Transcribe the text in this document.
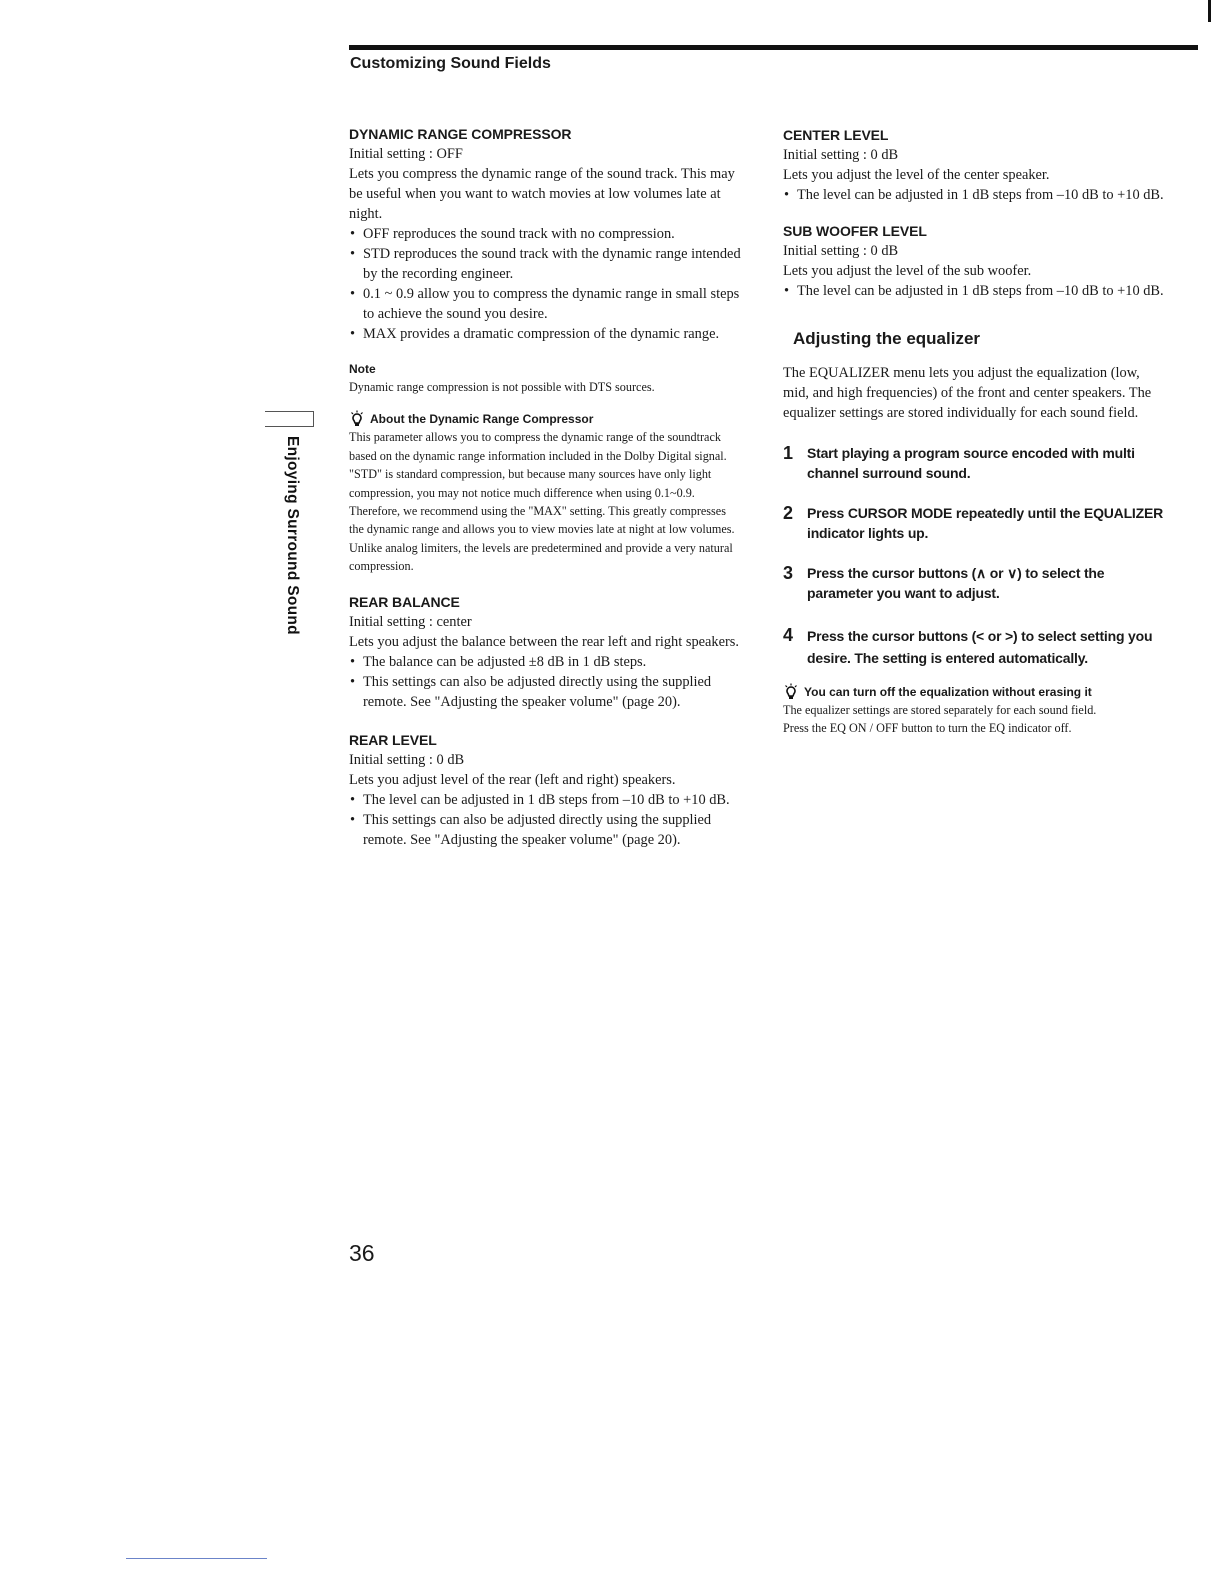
Customizing Sound Fields
Enjoying Surround Sound
DYNAMIC RANGE COMPRESSOR

Initial setting : OFF

Lets you compress the dynamic range of the sound track. This may be useful when you want to watch movies at low volumes late at night.

• OFF reproduces the sound track with no compression.
• STD reproduces the sound track with the dynamic range intended by the recording engineer.
• 0.1 ~ 0.9 allow you to compress the dynamic range in small steps to achieve the sound you desire.
• MAX provides a dramatic compression of the dynamic range.
Note

Dynamic range compression is not possible with DTS sources.

About the Dynamic Range Compressor

This parameter allows you to compress the dynamic range of the soundtrack based on the dynamic range information included in the Dolby Digital signal. "STD" is standard compression, but because many sources have only light compression, you may not notice much difference when using 0.1~0.9.

Therefore, we recommend using the "MAX" setting. This greatly compresses the dynamic range and allows you to view movies late at night at low volumes. Unlike analog limiters, the levels are predetermined and provide a very natural compression.

REAR BALANCE

Initial setting : center

Lets you adjust the balance between the rear left and right speakers.

• The balance can be adjusted ±8 dB in 1 dB steps.
• This settings can also be adjusted directly using the supplied remote. See "Adjusting the speaker volume" (page 20).
REAR LEVEL

Initial setting : 0 dB

Lets you adjust level of the rear (left and right) speakers.

• The level can be adjusted in 1 dB steps from –10 dB to +10 dB.
• This settings can also be adjusted directly using the supplied remote. See "Adjusting the speaker volume" (page 20).
CENTER LEVEL

Initial setting : 0 dB

Lets you adjust the level of the center speaker.

• The level can be adjusted in 1 dB steps from –10 dB to +10 dB.
SUB WOOFER LEVEL

Initial setting : 0 dB

Lets you adjust the level of the sub woofer.

• The level can be adjusted in 1 dB steps from –10 dB to +10 dB.
Adjusting the equalizer

The EQUALIZER menu lets you adjust the equalization (low, mid, and high frequencies) of the front and center speakers. The equalizer settings are stored individually for each sound field.

1 Start playing a program source encoded with multi channel surround sound.
2 Press CURSOR MODE repeatedly until the EQUALIZER indicator lights up.
3 Press the cursor buttons (∧ or ∨) to select the parameter you want to adjust.
4 Press the cursor buttons (< or >) to select setting you desire. The setting is entered automatically.
You can turn off the equalization without erasing it

The equalizer settings are stored separately for each sound field.

Press the EQ ON / OFF button to turn the EQ indicator off.

36
